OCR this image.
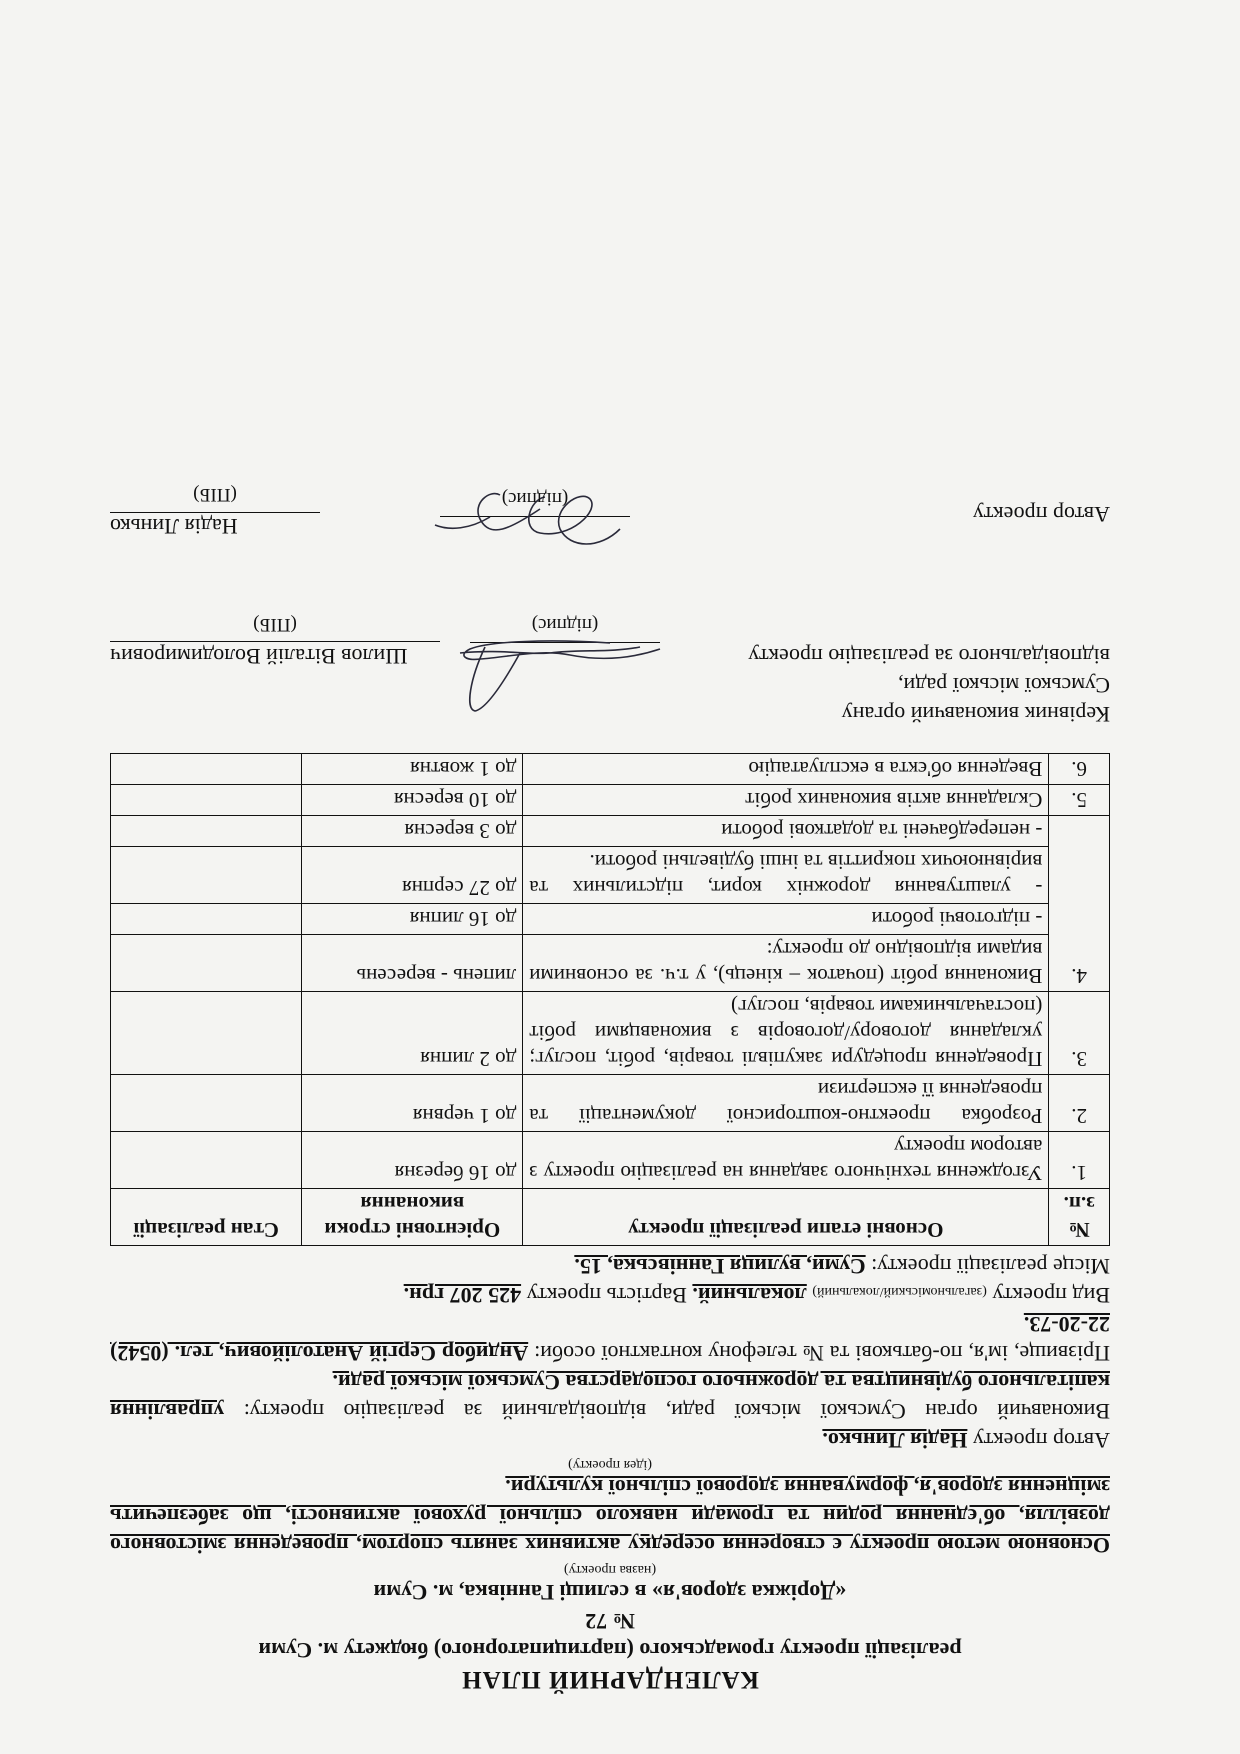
КАЛЕНДАРНИЙ ПЛАН

реалізації проекту громадського (партиципаторного) бюджету м. Суми

№ 72

«Доріжка здоров'я» в селищі Ганнівка, м. Суми

(назва проекту)

Основною метою проекту є створення осередку активних занять спортом, проведення змістовного дозвілля, об'єднання родин та громади навколо спільної рухової активності, що забезпечить зміцнення здоров'я, формування здорової спільної культури.

(ідея проекту)

Автор проекту Надія Линько.

Виконавчий орган Сумської міської ради, відповідальний за реалізацію проекту: управління капітального будівництва та дорожнього господарства Сумської міської ради.

Прізвище, ім'я, по-батькові та № телефону контактної особи: Андибор Сергій Анатолійович, тел. (0542) 22-20-73.

Вид проекту (загальноміський/локальний) локальний. Вартість проекту 425 207 грн.

Місце реалізації проекту: Суми, вулиця Ганнівська, 15.

№ з.п.	Основні етапи реалізації проекту	Орієнтовні строки виконання	Стан реалізації
1.	Узгодження технічного завдання на реалізацію проекту з автором проекту	до 16 березня	
2.	Розробка проектно-кошторисної документації та проведення її експертизи	до 1 червня	
3.	Проведення процедури закупівлі товарів, робіт, послуг; укладання договору/договорів з виконавцями робіт (постачальниками товарів, послуг)	до 2 липня	
4.	Виконання робіт (початок – кінець), у т.ч. за основними видами відповідно до проекту:	липень - вересень	
	- підготовчі роботи	до 16 липня	
	- улаштування дорожніх корит, підстильних та вирівнюючих покриттів та інші будівельні роботи.	до 27 серпня	
	- непередбачені та додаткові роботи	до 3 вересня	
5.	Складання актів виконаних робіт	до 10 вересня	
6.	Введення об'єкта в експлуатацію	до 1 жовтня	

Керівник виконавчий органу

Сумської міської ради,

відповідального за реалізацію проекту

(підпис)

Шилов Віталій Володимирович

(ПІБ)

Автор проекту

(підпис)

Надія Линько

(ПІБ)
